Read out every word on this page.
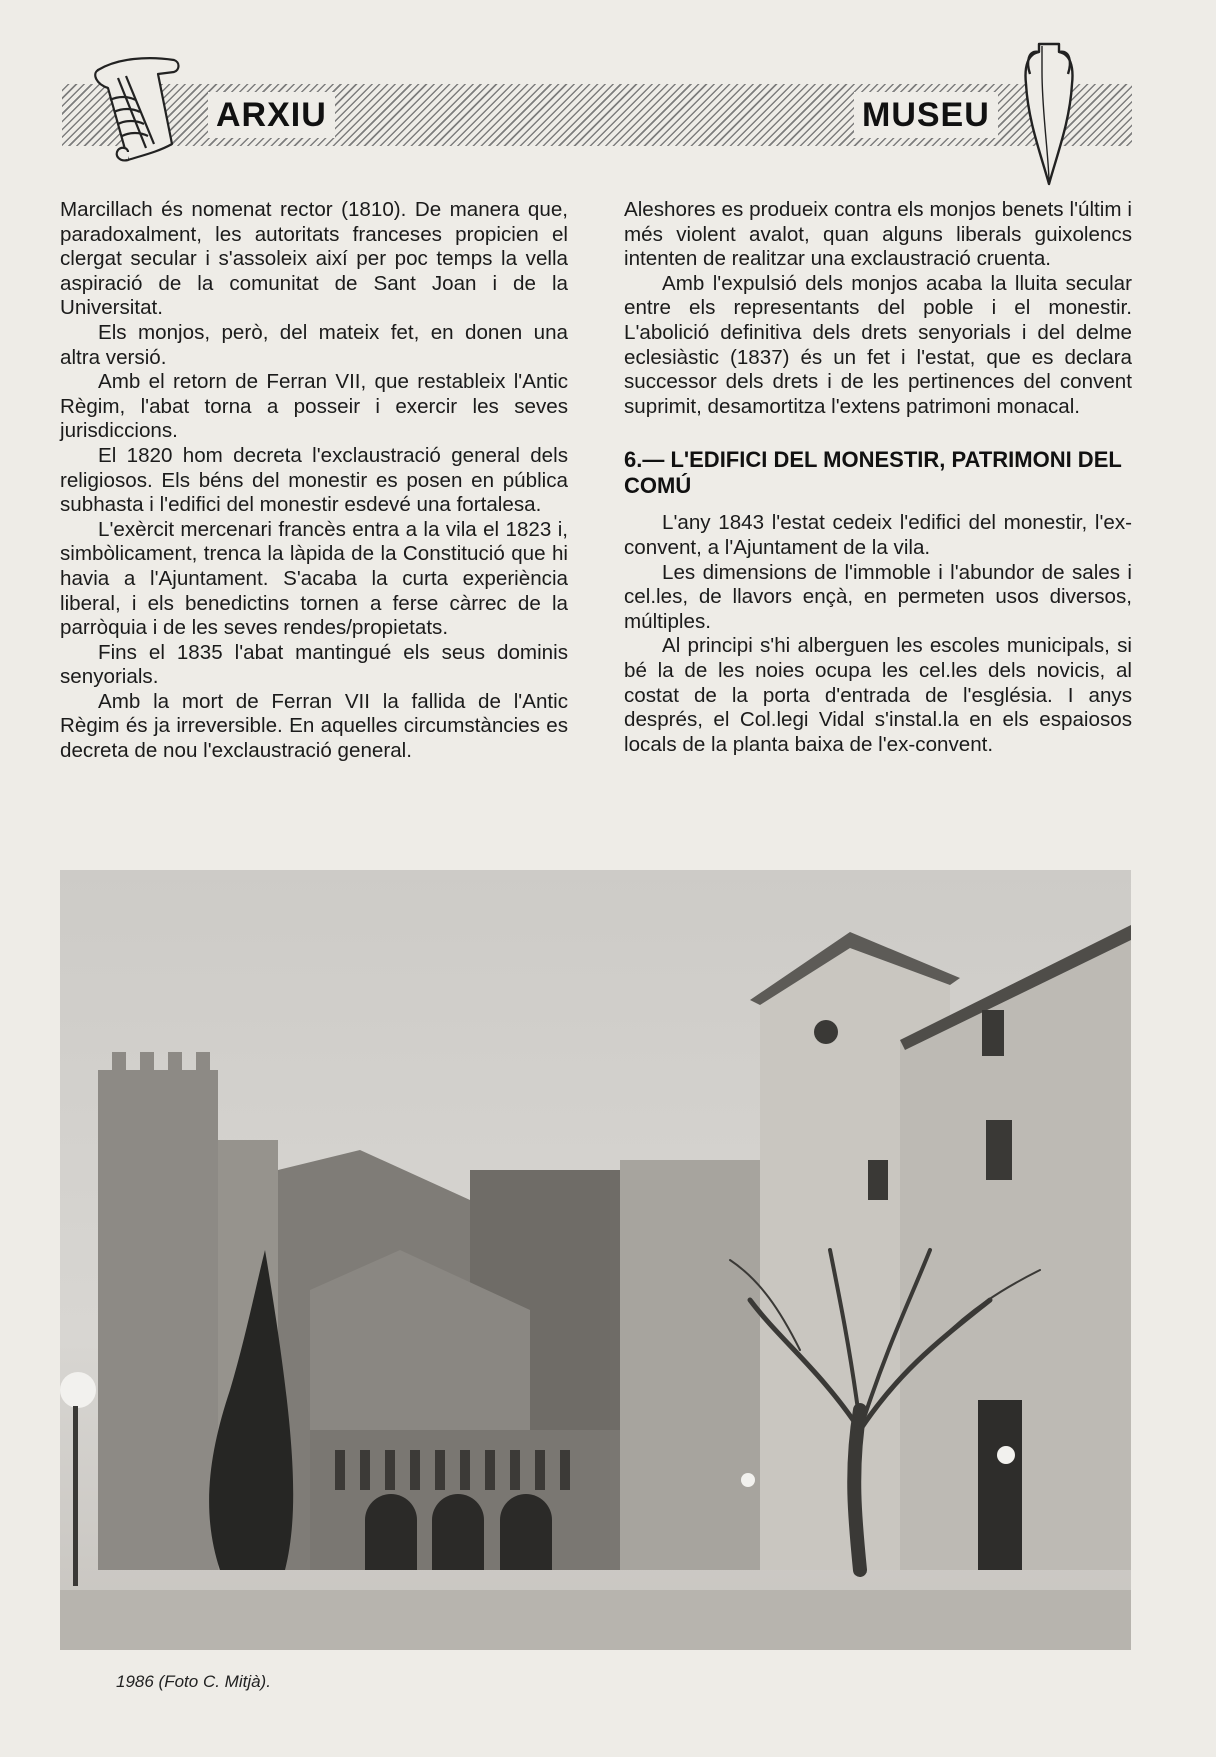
ARXIU	MUSEU

Marcillach és nomenat rector (1810). De manera que, paradoxalment, les autoritats franceses propicien el clergat secular i s'assoleix així per poc temps la vella aspiració de la comunitat de Sant Joan i de la Universitat.

Els monjos, però, del mateix fet, en donen una altra versió.

Amb el retorn de Ferran VII, que restableix l'Antic Règim, l'abat torna a posseir i exercir les seves jurisdiccions.

El 1820 hom decreta l'exclaustració general dels religiosos. Els béns del monestir es posen en pública subhasta i l'edifici del monestir esdevé una fortalesa.

L'exèrcit mercenari francès entra a la vila el 1823 i, simbòlicament, trenca la làpida de la Constitució que hi havia a l'Ajuntament. S'acaba la curta experiència liberal, i els benedictins tornen a ferse càrrec de la parròquia i de les seves rendes/propietats.

Fins el 1835 l'abat mantingué els seus dominis senyorials.

Amb la mort de Ferran VII la fallida de l'Antic Règim és ja irreversible. En aquelles circumstàncies es decreta de nou l'exclaustració general.

Aleshores es produeix contra els monjos benets l'últim i més violent avalot, quan alguns liberals guixolencs intenten de realitzar una exclaustració cruenta.

Amb l'expulsió dels monjos acaba la lluita secular entre els representants del poble i el monestir. L'abolició definitiva dels drets senyorials i del delme eclesiàstic (1837) és un fet i l'estat, que es declara successor dels drets i de les pertinences del convent suprimit, desamortitza l'extens patrimoni monacal.

6.— L'EDIFICI DEL MONESTIR, PATRIMONI DEL COMÚ

L'any 1843 l'estat cedeix l'edifici del monestir, l'ex-convent, a l'Ajuntament de la vila.

Les dimensions de l'immoble i l'abundor de sales i cel.les, de llavors ençà, en permeten usos diversos, múltiples.

Al principi s'hi alberguen les escoles municipals, si bé la de les noies ocupa les cel.les dels novicis, al costat de la porta d'entrada de l'església. I anys després, el Col.legi Vidal s'instal.la en els espaiosos locals de la planta baixa de l'ex-convent.

1986 (Foto C. Mitjà).
